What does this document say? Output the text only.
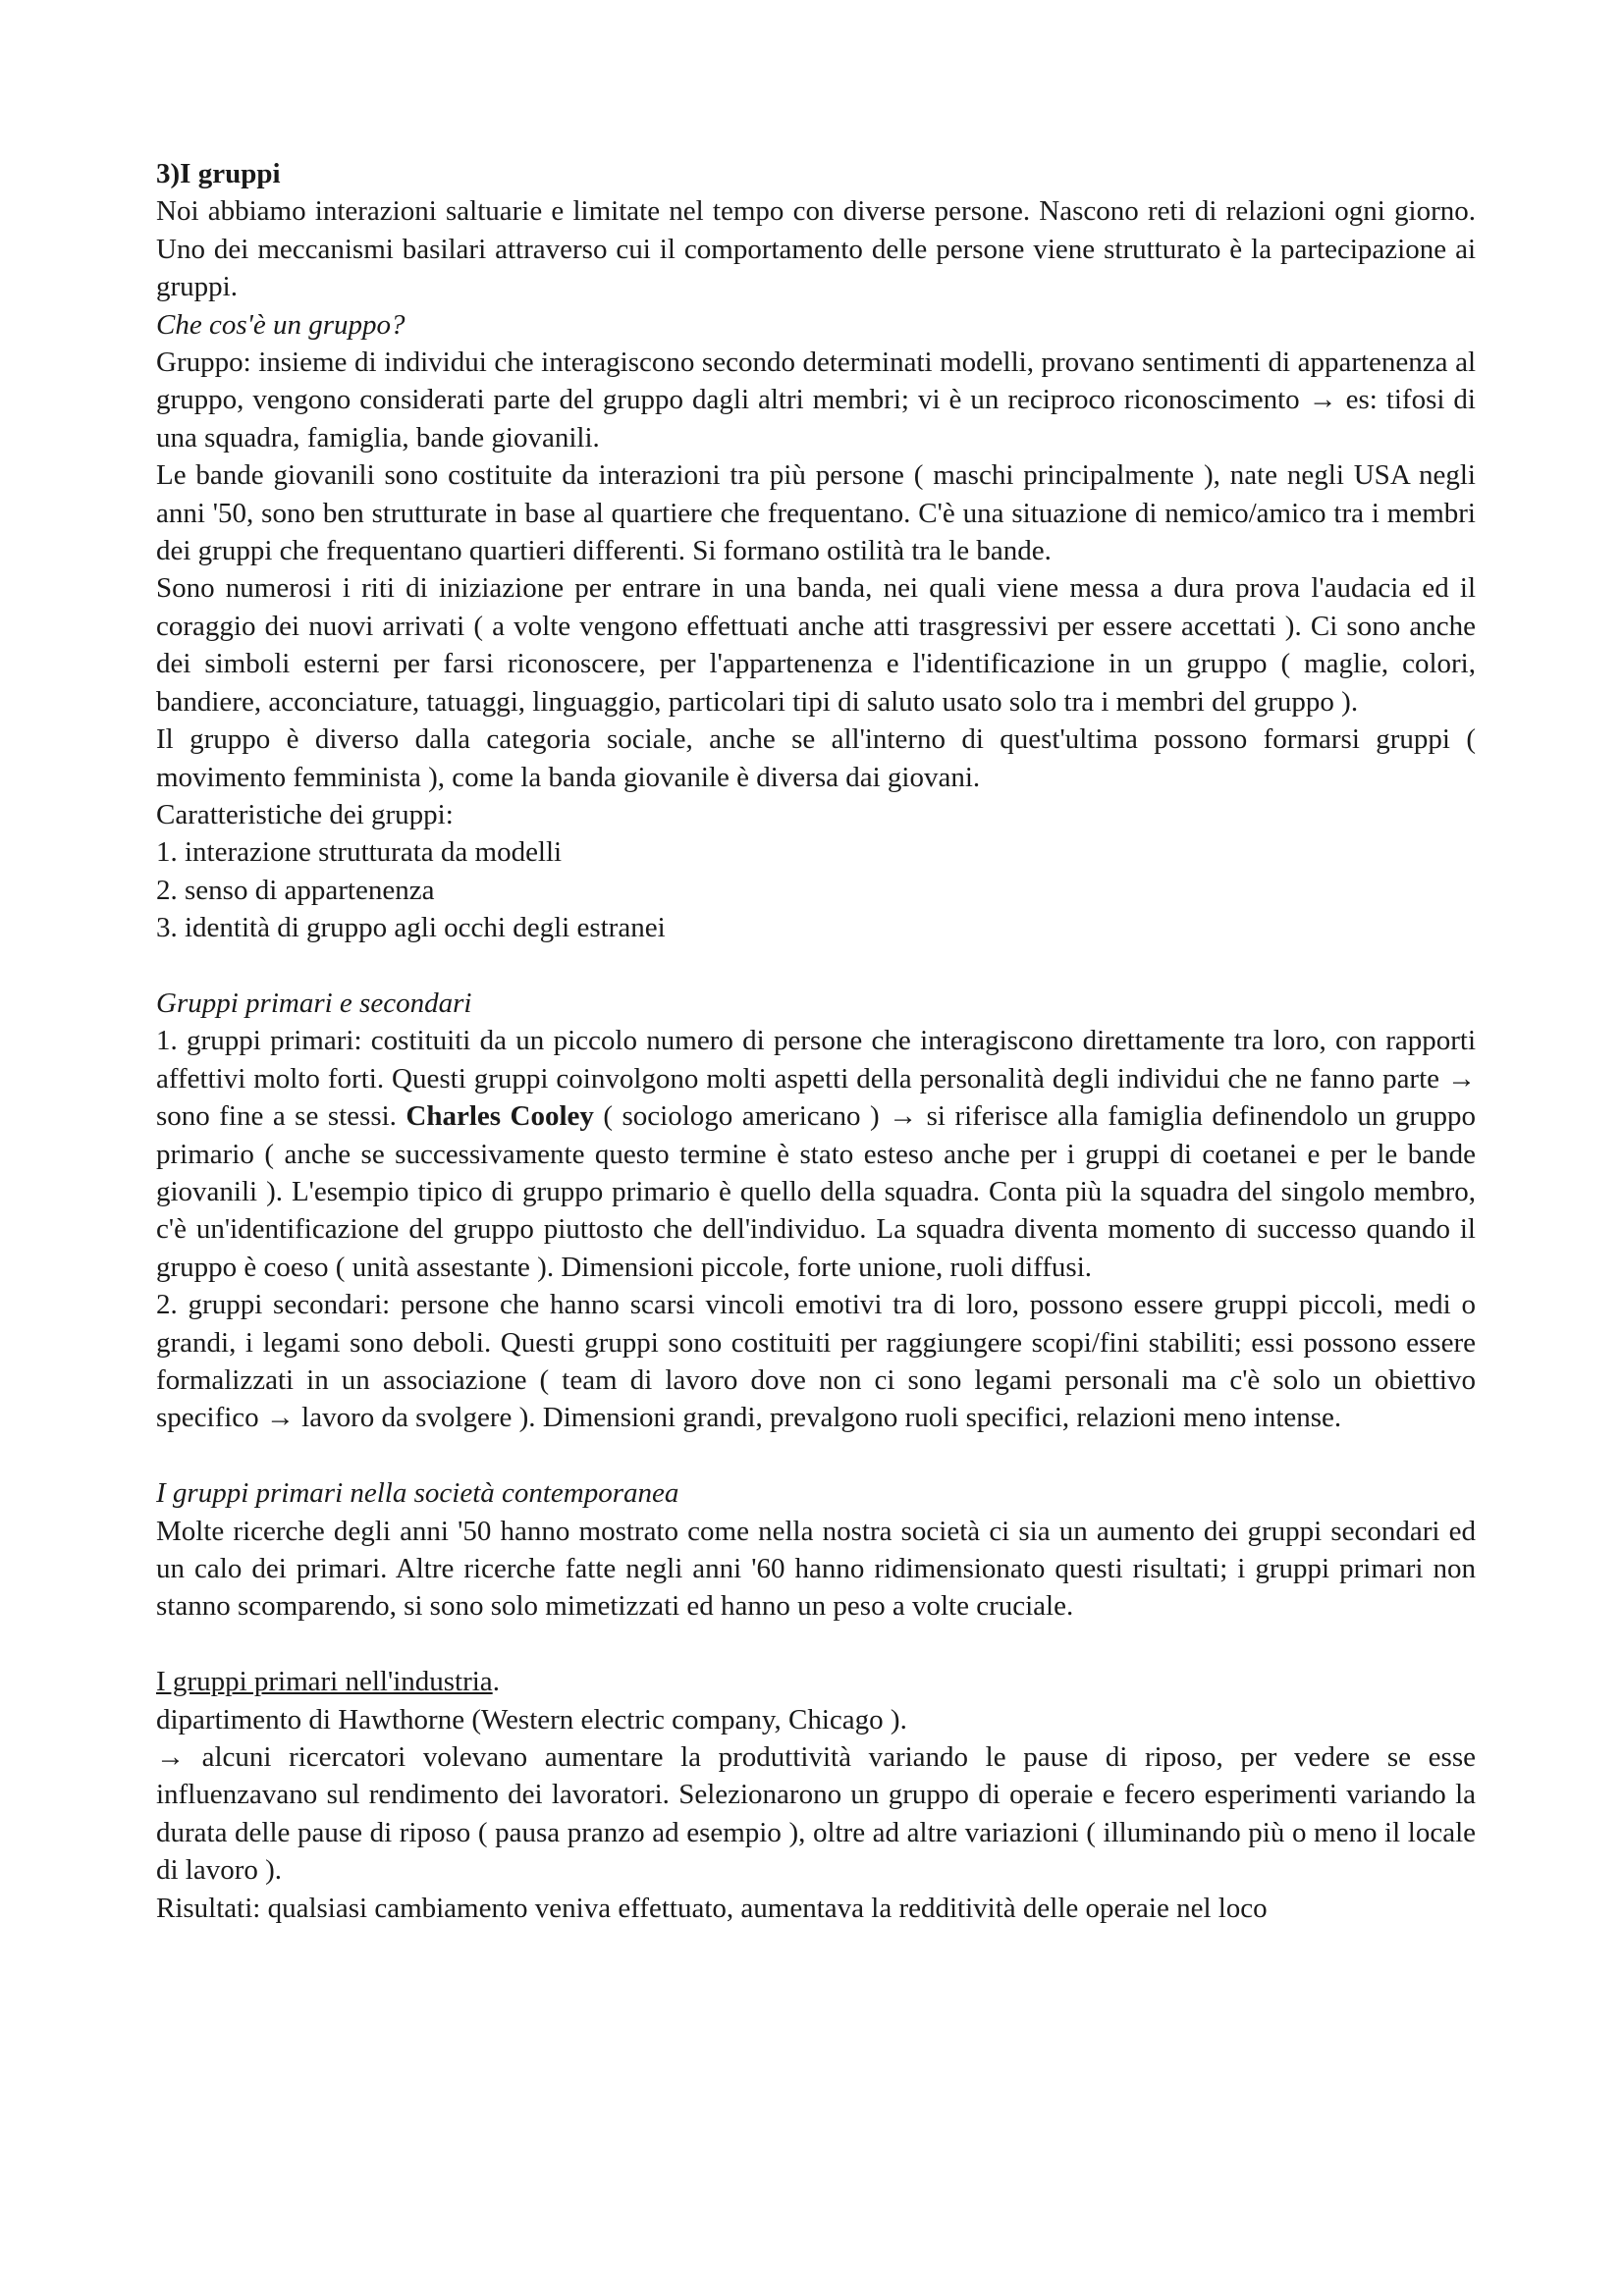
3)I gruppi

Noi abbiamo interazioni saltuarie e limitate nel tempo con diverse persone. Nascono reti di relazioni ogni giorno. Uno dei meccanismi basilari attraverso cui il comportamento delle persone viene strutturato è la partecipazione ai gruppi.

Che cos'è un gruppo?

Gruppo: insieme di individui che interagiscono secondo determinati modelli, provano sentimenti di appartenenza al gruppo, vengono considerati parte del gruppo dagli altri membri; vi è un reciproco riconoscimento → es: tifosi di una squadra, famiglia, bande giovanili.

Le bande giovanili sono costituite da interazioni tra più persone ( maschi principalmente ), nate negli USA negli anni '50, sono ben strutturate in base al quartiere che frequentano. C'è una situazione di nemico/amico tra i membri dei gruppi che frequentano quartieri differenti. Si formano ostilità tra le bande.

Sono numerosi i riti di iniziazione per entrare in una banda, nei quali viene messa a dura prova l'audacia ed il coraggio dei nuovi arrivati ( a volte vengono effettuati anche atti trasgressivi per essere accettati ). Ci sono anche dei simboli esterni per farsi riconoscere, per l'appartenenza e l'identificazione in un gruppo ( maglie, colori, bandiere, acconciature, tatuaggi, linguaggio, particolari tipi di saluto usato solo tra i membri del gruppo ).

Il gruppo è diverso dalla categoria sociale, anche se all'interno di quest'ultima possono formarsi gruppi ( movimento femminista ), come la banda giovanile è diversa dai giovani.

Caratteristiche dei gruppi:

1. interazione strutturata da modelli

2. senso di appartenenza

3. identità di gruppo agli occhi degli estranei

Gruppi primari e secondari

1. gruppi primari: costituiti da un piccolo numero di persone che interagiscono direttamente tra loro, con rapporti affettivi molto forti. Questi gruppi coinvolgono molti aspetti della personalità degli individui che ne fanno parte → sono fine a se stessi. Charles Cooley ( sociologo americano ) → si riferisce alla famiglia definendolo un gruppo primario ( anche se successivamente questo termine è stato esteso anche per i gruppi di coetanei e per le bande giovanili ). L'esempio tipico di gruppo primario è quello della squadra. Conta più la squadra del singolo membro, c'è un'identificazione del gruppo piuttosto che dell'individuo. La squadra diventa momento di successo quando il gruppo è coeso ( unità assestante ). Dimensioni piccole, forte unione, ruoli diffusi.

2. gruppi secondari: persone che hanno scarsi vincoli emotivi tra di loro, possono essere gruppi piccoli, medi o grandi, i legami sono deboli. Questi gruppi sono costituiti per raggiungere scopi/fini stabiliti; essi possono essere formalizzati in un associazione ( team di lavoro dove non ci sono legami personali ma c'è solo un obiettivo specifico → lavoro da svolgere ). Dimensioni grandi, prevalgono ruoli specifici, relazioni meno intense.

I gruppi primari nella società contemporanea

Molte ricerche degli anni '50 hanno mostrato come nella nostra società ci sia un aumento dei gruppi secondari ed un calo dei primari. Altre ricerche fatte negli anni '60 hanno ridimensionato questi risultati; i gruppi primari non stanno scomparendo, si sono solo mimetizzati ed hanno un peso a volte cruciale.

I gruppi primari nell'industria.

dipartimento di Hawthorne (Western electric company, Chicago ).

→ alcuni ricercatori volevano aumentare la produttività variando le pause di riposo, per vedere se esse influenzavano sul rendimento dei lavoratori. Selezionarono un gruppo di operaie e fecero esperimenti variando la durata delle pause di riposo ( pausa pranzo ad esempio ), oltre ad altre variazioni ( illuminando più o meno il locale di lavoro ).

Risultati: qualsiasi cambiamento veniva effettuato, aumentava la redditività delle operaie nel loco
